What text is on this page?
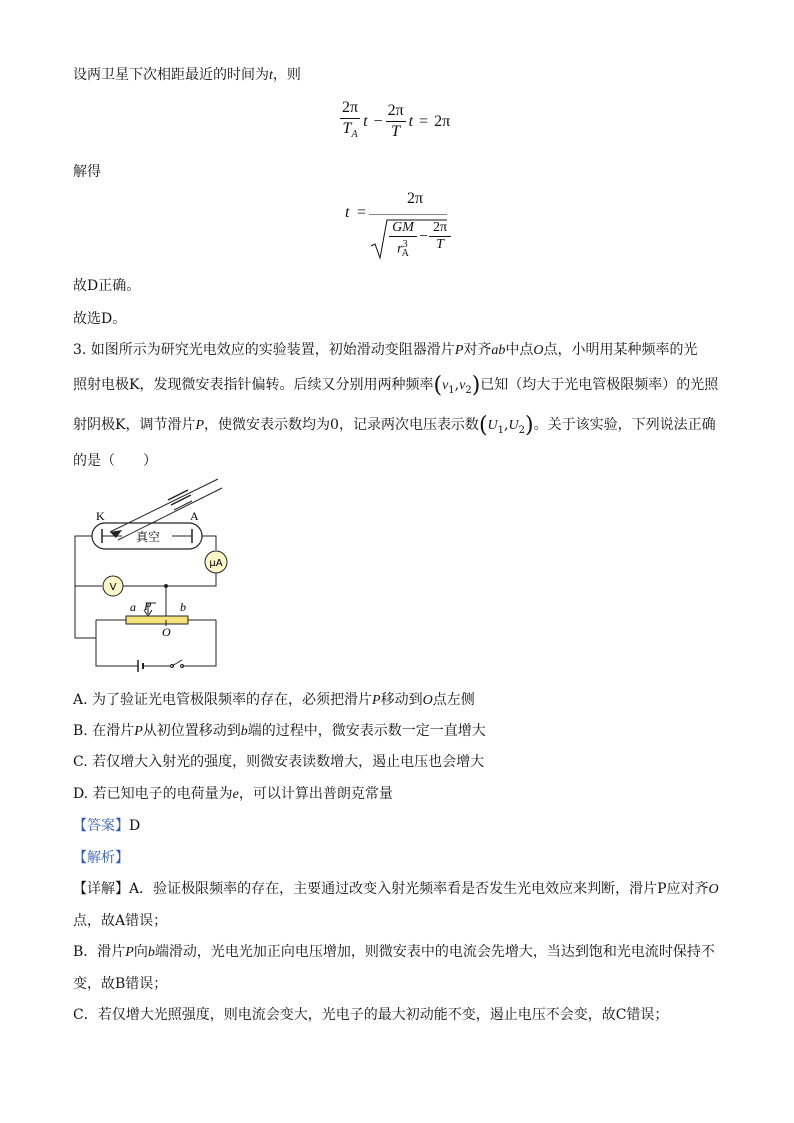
设两卫星下次相距最近的时间为t，则
$\frac{2\pi}{T_A}$ $t - \frac{2\pi}{T}$ t = 2π
解得
t =
2π
GM
$r^3_A$
−
2π
T
故D正确。
故选D。
3. 如图所示为研究光电效应的实验装置，初始滑动变阻器滑片P对齐ab中点O点，小明用某种频率的光
照射电极K，发现微安表指针偏转。后续又分别用两种频率$(\nu_1,\nu_2)$已知（均大于光电管极限频率）的光照
射阴极K，调节滑片P，使微安表示数均为0，记录两次电压表示数$(U_1,U_2)$。关于该实验，下列说法正确
的是（　　）
K	A
真空
μA
V
a P b
O
A. 为了验证光电管极限频率的存在，必须把滑片P移动到O点左侧
B. 在滑片P从初位置移动到b端的过程中，微安表示数一定一直增大
C. 若仅增大入射光的强度，则微安表读数增大，遏止电压也会增大
D. 若已知电子的电荷量为e，可以计算出普朗克常量
【答案】D
【解析】
【详解】A．验证极限频率的存在，主要通过改变入射光频率看是否发生光电效应来判断，滑片P应对齐O
点，故A错误；
B．滑片P向b端滑动，光电光加正向电压增加，则微安表中的电流会先增大，当达到饱和光电流时保持不
变，故B错误；
C．若仅增大光照强度，则电流会变大，光电子的最大初动能不变，遏止电压不会变，故C错误；
